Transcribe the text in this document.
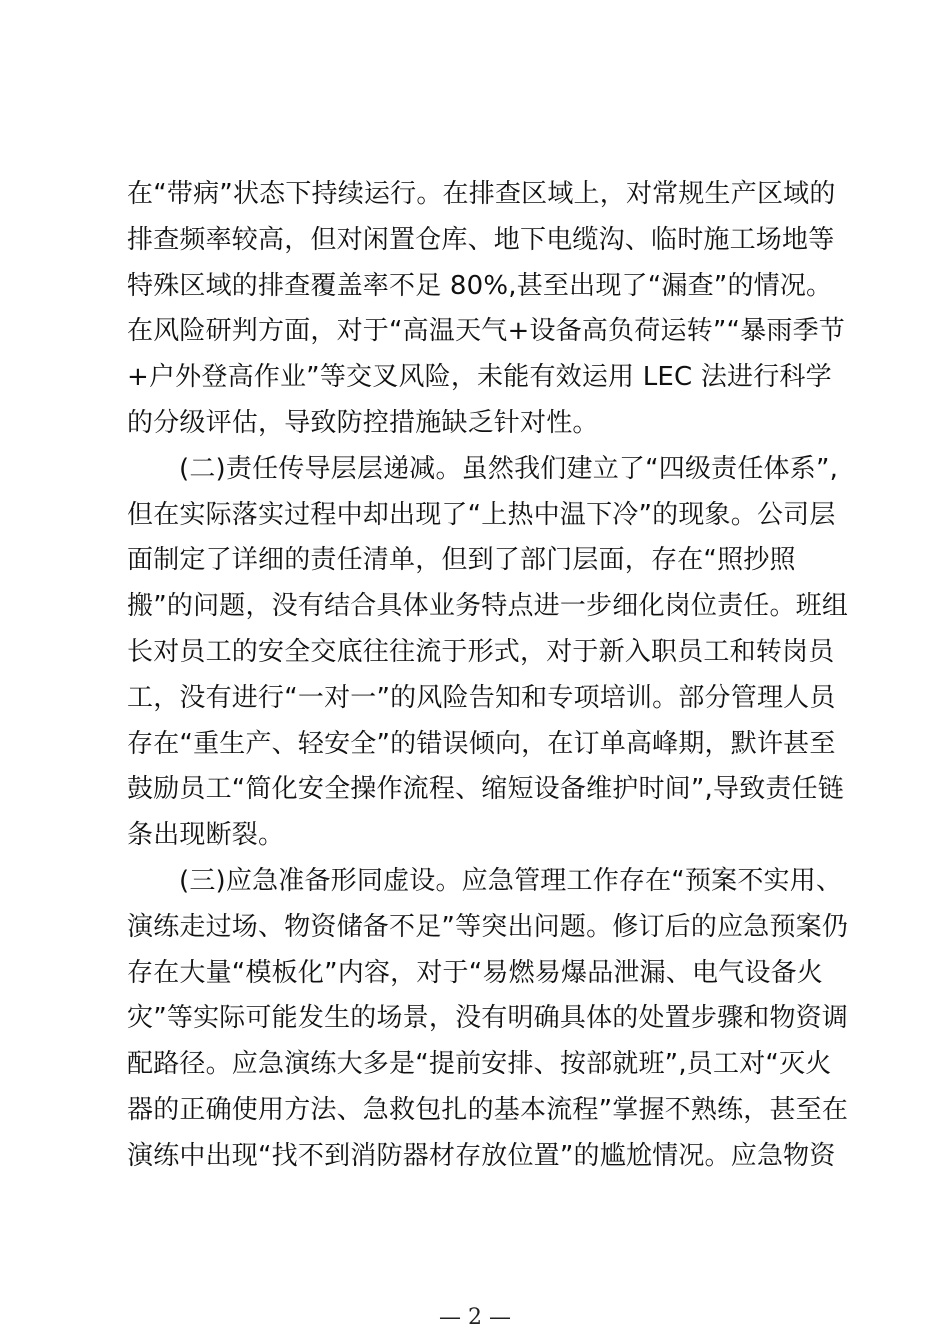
在“带病”状态下持续运行。在排查区域上，对常规生产区域的
排查频率较高，但对闲置仓库、地下电缆沟、临时施工场地等
特殊区域的排查覆盖率不足 80%,甚至出现了“漏查”的情况。
在风险研判方面，对于“高温天气+设备高负荷运转”“暴雨季节
+户外登高作业”等交叉风险，未能有效运用 LEC 法进行科学
的分级评估，导致防控措施缺乏针对性。
(二)责任传导层层递减。虽然我们建立了“四级责任体系”,
但在实际落实过程中却出现了“上热中温下冷”的现象。公司层
面制定了详细的责任清单，但到了部门层面，存在“照抄照
搬”的问题，没有结合具体业务特点进一步细化岗位责任。班组
长对员工的安全交底往往流于形式，对于新入职员工和转岗员
工，没有进行“一对一”的风险告知和专项培训。部分管理人员
存在“重生产、轻安全”的错误倾向，在订单高峰期，默许甚至
鼓励员工“简化安全操作流程、缩短设备维护时间”,导致责任链
条出现断裂。
(三)应急准备形同虚设。应急管理工作存在“预案不实用、
演练走过场、物资储备不足”等突出问题。修订后的应急预案仍
存在大量“模板化”内容，对于“易燃易爆品泄漏、电气设备火
灾”等实际可能发生的场景，没有明确具体的处置步骤和物资调
配路径。应急演练大多是“提前安排、按部就班”,员工对“灭火
器的正确使用方法、急救包扎的基本流程”掌握不熟练，甚至在
演练中出现“找不到消防器材存放位置”的尴尬情况。应急物资
— 2 —
